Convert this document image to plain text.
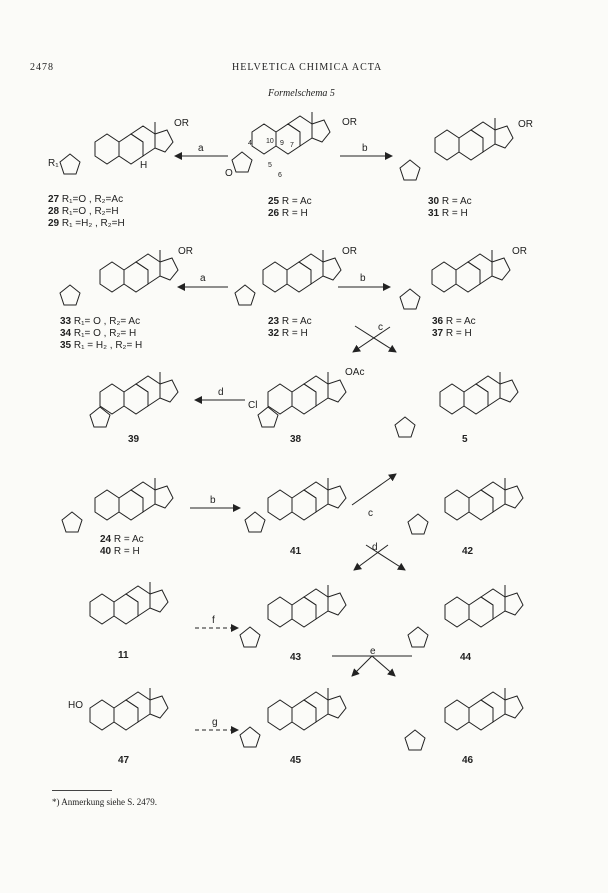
2478	HELVETICA CHIMICA ACTA
Formelschema 5
a	b
a	b
c
d
b
c
d
f
e
g
OR	OR	OR
OR	OR	OR
R₁
Cl
OAc
O
H
HO
4 10 9
5
6
7
27 R₁=O , R₂=Ac
28 R₁=O , R₂=H
29 R₁ =H₂ , R₂=H
25 R = Ac
26 R = H
30 R = Ac
31 R = H
33 R₁= O , R₂= Ac
34 R₁= O , R₂= H
35 R₁ = H₂ , R₂= H
23 R = Ac
32 R = H
36 R = Ac
37 R = H
39	38	5
24 R = Ac
40 R = H	41	42
11	43	44
47	45	46
*) Anmerkung siehe S. 2479.
